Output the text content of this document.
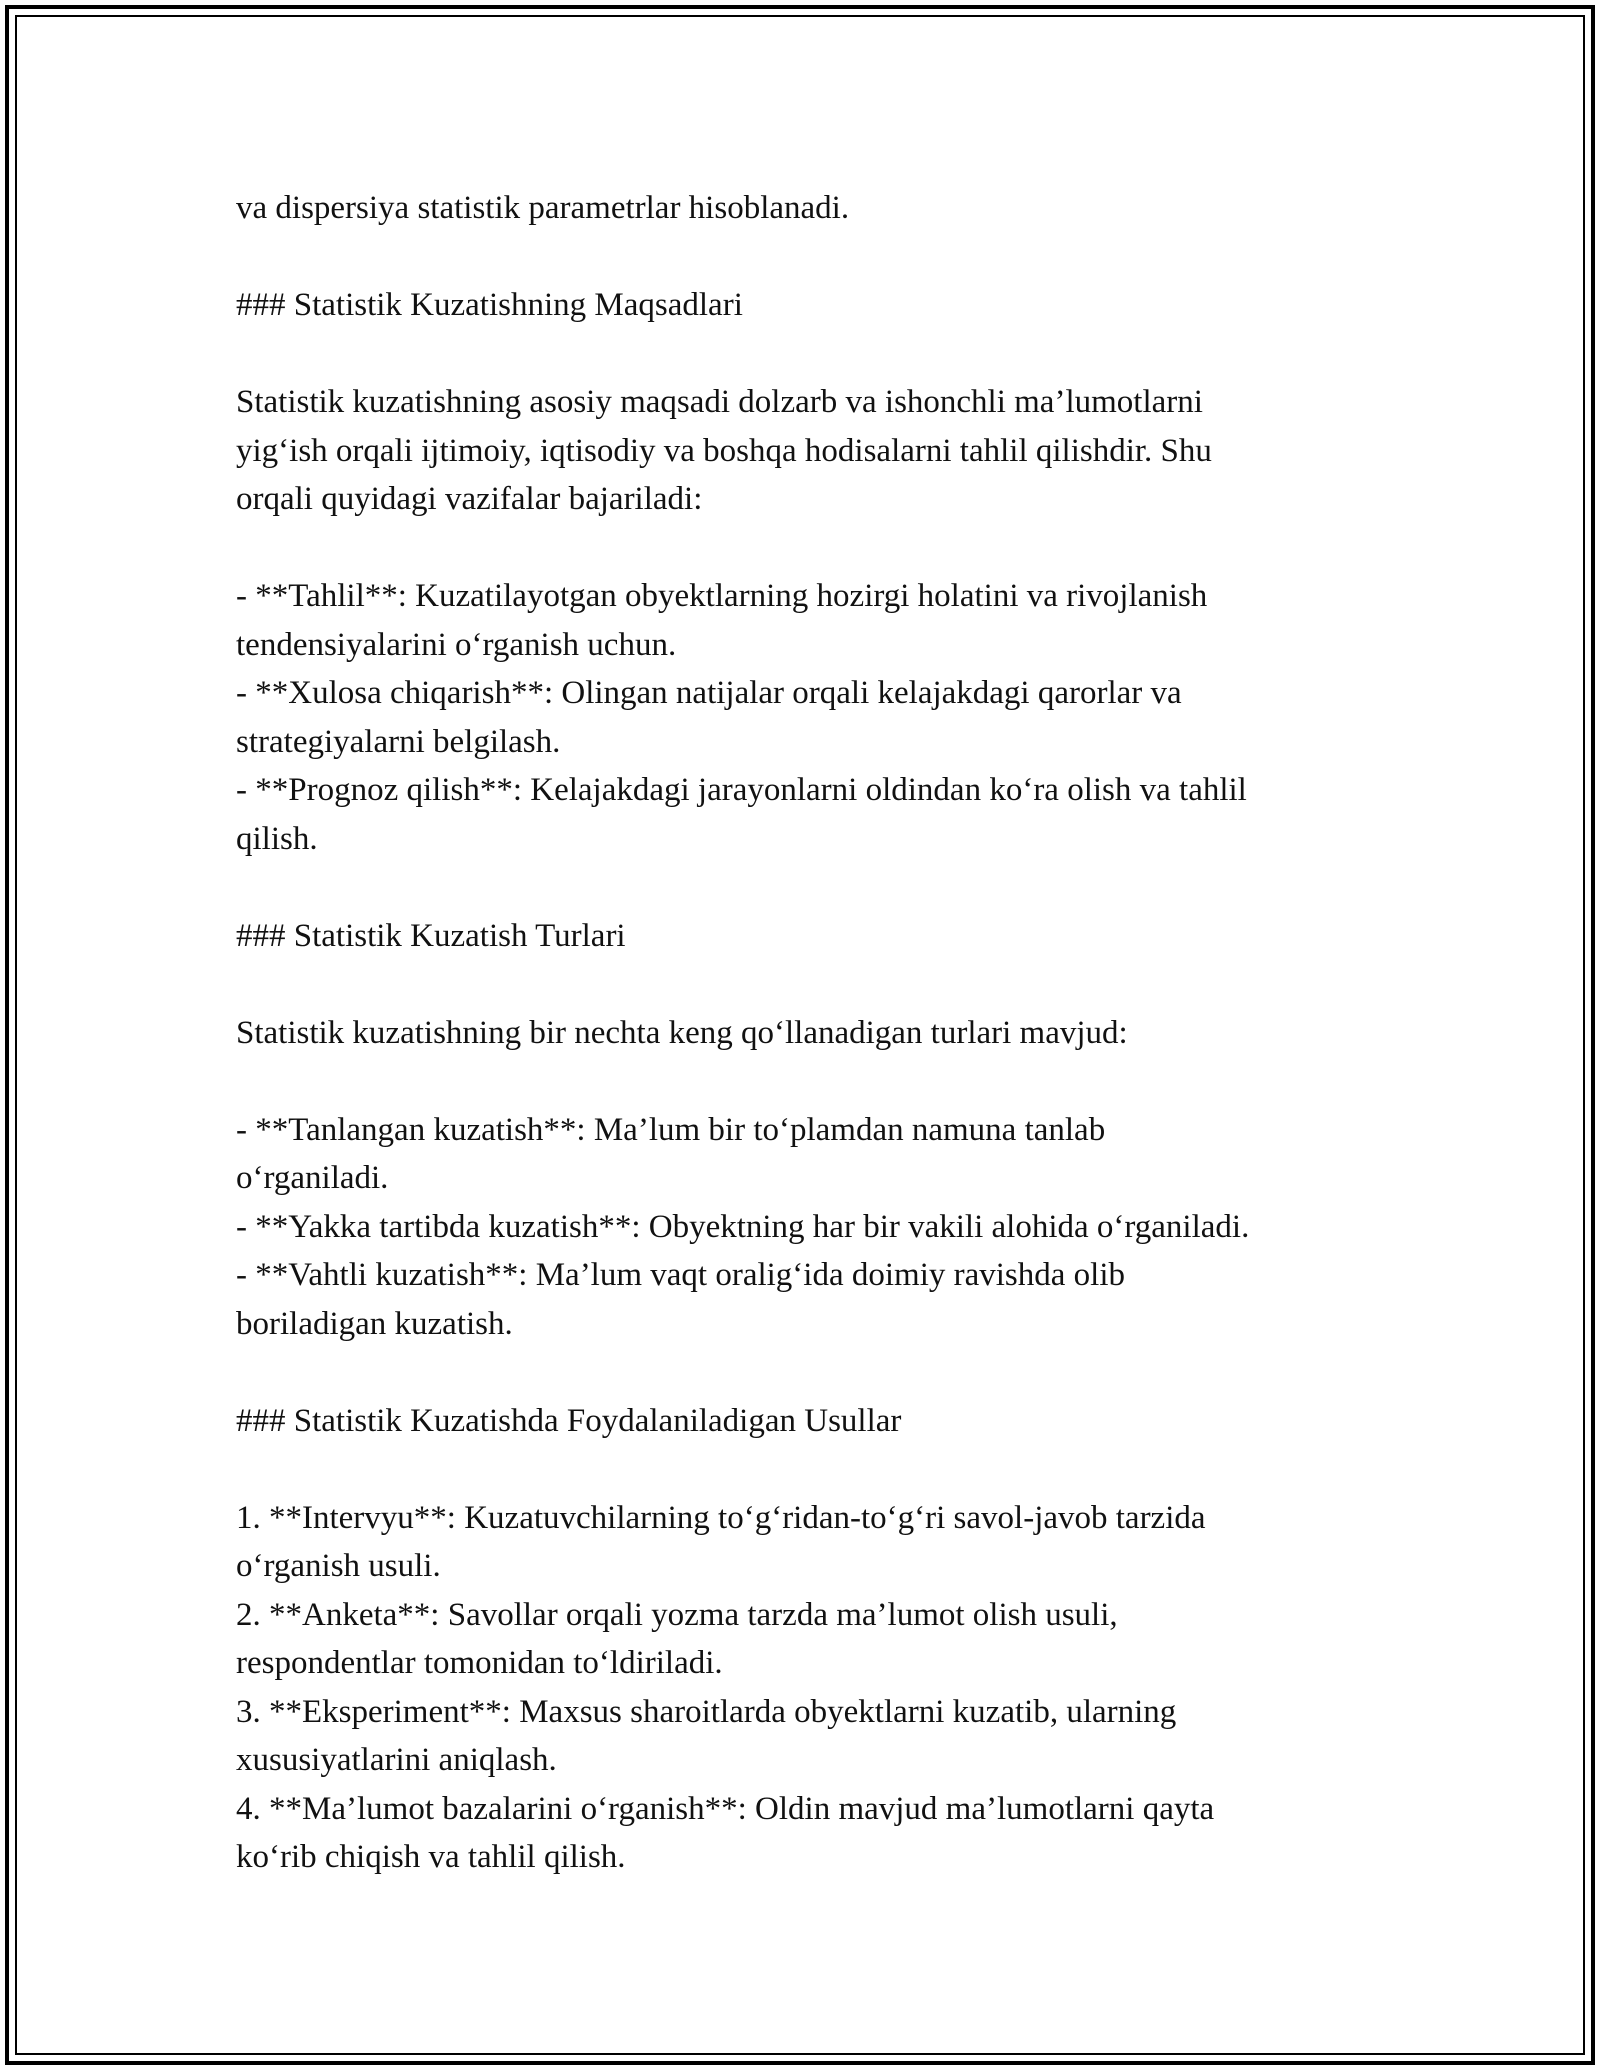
va dispersiya statistik parametrlar hisoblanadi.
### Statistik Kuzatishning Maqsadlari
Statistik kuzatishning asosiy maqsadi dolzarb va ishonchli ma’lumotlarni
yig‘ish orqali ijtimoiy, iqtisodiy va boshqa hodisalarni tahlil qilishdir. Shu
orqali quyidagi vazifalar bajariladi:
- **Tahlil**: Kuzatilayotgan obyektlarning hozirgi holatini va rivojlanish
tendensiyalarini o‘rganish uchun.
- **Xulosa chiqarish**: Olingan natijalar orqali kelajakdagi qarorlar va
strategiyalarni belgilash.
- **Prognoz qilish**: Kelajakdagi jarayonlarni oldindan ko‘ra olish va tahlil
qilish.
### Statistik Kuzatish Turlari
Statistik kuzatishning bir nechta keng qo‘llanadigan turlari mavjud:
- **Tanlangan kuzatish**: Ma’lum bir to‘plamdan namuna tanlab
o‘rganiladi.
- **Yakka tartibda kuzatish**: Obyektning har bir vakili alohida o‘rganiladi.
- **Vahtli kuzatish**: Ma’lum vaqt oralig‘ida doimiy ravishda olib
boriladigan kuzatish.
### Statistik Kuzatishda Foydalaniladigan Usullar
1. **Intervyu**: Kuzatuvchilarning to‘g‘ridan-to‘g‘ri savol-javob tarzida
o‘rganish usuli.
2. **Anketa**: Savollar orqali yozma tarzda ma’lumot olish usuli,
respondentlar tomonidan to‘ldiriladi.
3. **Eksperiment**: Maxsus sharoitlarda obyektlarni kuzatib, ularning
xususiyatlarini aniqlash.
4. **Ma’lumot bazalarini o‘rganish**: Oldin mavjud ma’lumotlarni qayta
ko‘rib chiqish va tahlil qilish.
